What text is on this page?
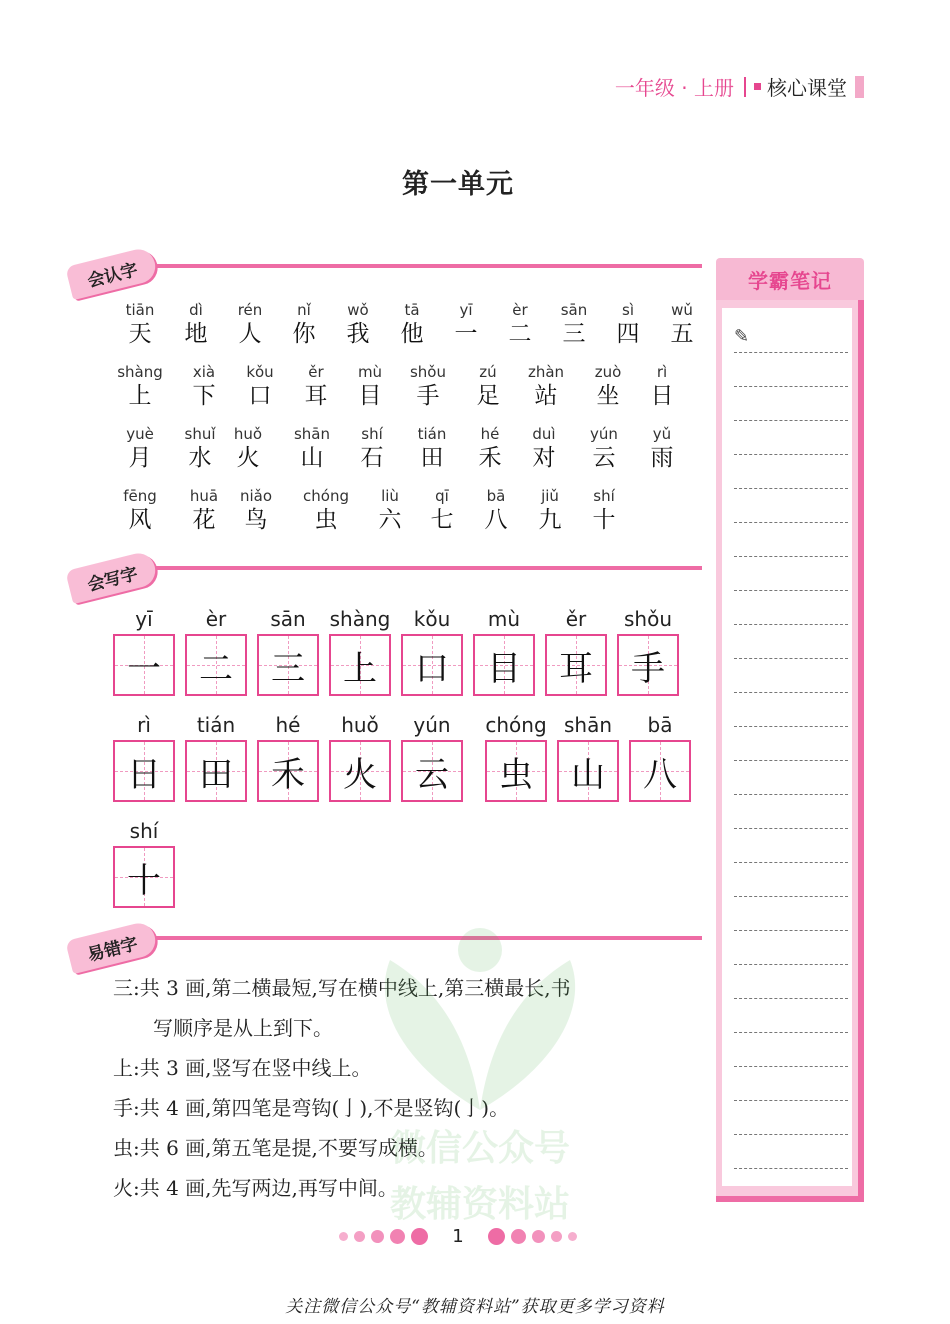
一年级 · 上册 核心课堂
第一单元
会认字
tiān
天
dì
地
rén
人
nǐ
你
wǒ
我
tā
他
yī
一
èr
二
sān
三
sì
四
wǔ
五
shàng
上
xià
下
kǒu
口
ěr
耳
mù
目
shǒu
手
zú
足
zhàn
站
zuò
坐
rì
日
yuè
月
shuǐ
水
huǒ
火
shān
山
shí
石
tián
田
hé
禾
duì
对
yún
云
yǔ
雨
fēng
风
huā
花
niǎo
鸟
chóng
虫
liù
六
qī
七
bā
八
jiǔ
九
shí
十
会写字
yī
一
èr
二
sān
三
shàng
上
kǒu
口
mù
目
ěr
耳
shǒu
手
rì
日
tián
田
hé
禾
huǒ
火
yún
云
chóng
虫
shān
山
bā
八
shí
十
易错字

三:共 3 画,第二横最短,写在横中线上,第三横最长,书

写顺序是从上到下。

上:共 3 画,竖写在竖中线上。

手:共 4 画,第四笔是弯钩(亅),不是竖钩(亅)。

虫:共 6 画,第五笔是提,不要写成横。

火:共 4 画,先写两边,再写中间。

微信公众号
教辅资料站
学霸笔记
✎
1
关注微信公众号“教辅资料站”获取更多学习资料
